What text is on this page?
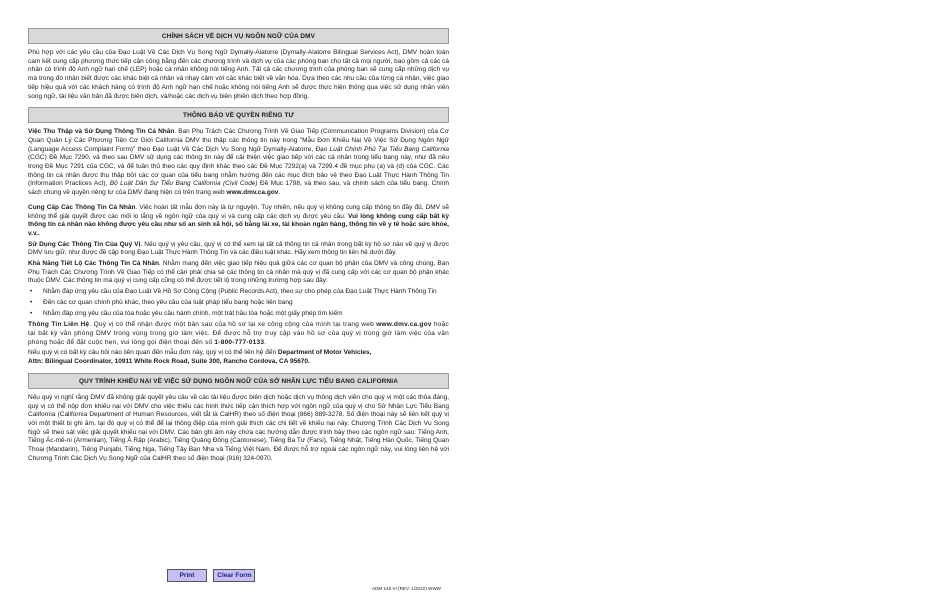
CHÍNH SÁCH VỀ DỊCH VỤ NGÔN NGỮ CỦA DMV

Phù hợp với các yêu cầu của Đạo Luật Về Các Dịch Vụ Song Ngữ Dymally-Alatorre (Dymally-Alatorre Bilingual Services Act), DMV hoàn toàn cam kết cung cấp phương thức tiếp cận công bằng đến các chương trình và dịch vụ của các phòng ban cho tất cả mọi người, bao gồm cả các cá nhân có trình độ Anh ngữ hạn chế (LEP) hoặc cá nhân không nói tiếng Anh. Tất cả các chương trình của phòng ban sẽ cung cấp những dịch vụ mà trong đó nhân biết được các khác biệt cá nhân và nhạy cảm với các khác biệt về văn hóa. Dựa theo các nhu cầu của từng cá nhân, việc giao tiếp hiệu quả với các khách hàng có trình độ Anh ngữ hạn chế hoặc không nói tiếng Anh sẽ được thực hiện thông qua việc sử dụng nhân viên song ngữ, tài liệu văn bản đã được biên dịch, và/hoặc các dịch vụ biên phiên dịch theo hợp đồng.

THÔNG BÁO VỀ QUYỀN RIÊNG TƯ

Việc Thu Thập và Sử Dụng Thông Tin Cá Nhân. Ban Phụ Trách Các Chương Trình Về Giao Tiếp (Communication Programs Division) của Cơ Quan Quản Lý Các Phương Tiện Cơ Giới California DMV thu thập các thông tin này trong "Mẫu Đơn Khiếu Nại Về Việc Sử Dụng Ngôn Ngữ (Language Access Complaint Form)" theo Đạo Luật Về Các Dịch Vụ Song Ngữ Dymally-Alatorre, Đạo Luật Chính Phủ Tại Tiểu Bang California (CGC) Đề Mục 7290, và theo sau DMV sử dụng các thông tin này để cải thiện việc giao tiếp với các cá nhân trong tiểu bang này, như đã nêu trong Đề Mục 7291 của CGC, và để tuân thủ theo các quy định khác theo các Đề Mục 7292(a) và 7299.4 đề mục phụ (a) và (d) của CGC. Các thông tin cá nhân được thu thập bởi các cơ quan của tiểu bang nhằm hướng đến các mục đích bảo vệ theo Đạo Luật Thực Hành Thông Tin (Information Practices Act), Bộ Luật Dân Sự Tiểu Bang California (Civil Code) Đề Mục 1798, và theo sau, và chính sách của tiểu bang. Chính sách chung về quyền riêng tư của DMV đang hiện có trên trang web www.dmv.ca.gov.

Cung Cấp Các Thông Tin Cá Nhân. Việc hoàn tất mẫu đơn này là tự nguyện. Tuy nhiên, nếu quý vị không cung cấp thông tin đầy đủ, DMV sẽ không thể giải quyết được các mối lo lắng về ngôn ngữ của quý vị và cung cấp các dịch vụ được yêu cầu. Vui lòng không cung cấp bất kỳ thông tin cá nhân nào không được yêu cầu như số an sinh xã hội, số bằng lái xe, tài khoản ngân hàng, thông tin về y tế hoặc sức khỏe, v.v..

Sử Dụng Các Thông Tin Của Quý Vị. Nếu quý vị yêu cầu, quý vị có thể xem lại tất cả thông tin cá nhân trong bất kỳ hồ sơ nào về quý vị được DMV lưu giữ, như được đề cập trong Đạo Luật Thực Hành Thông Tin và các điều luật khác. Hãy xem thông tin liên hệ dưới đây.

Khả Năng Tiết Lộ Các Thông Tin Cá Nhân. Nhằm mang đến việc giao tiếp hiệu quả giữa các cơ quan bộ phận của DMV và công chúng, Ban Phụ Trách Các Chương Trình Về Giao Tiếp có thể cần phải chia sẻ các thông tin cá nhân mà quý vị đã cung cấp với các cơ quan bộ phận khác thuộc DMV. Các thông tin mà quý vị cung cấp cũng có thể được tiết lộ trong những trường hợp sau đây:

• Nhằm đáp ứng yêu cầu của Đạo Luật Về Hồ Sơ Công Cộng (Public Records Act), theo sự cho phép của Đạo Luật Thực Hành Thông Tin
• Đến các cơ quan chính phủ khác, theo yêu cầu của luật pháp tiểu bang hoặc liên bang
• Nhằm đáp ứng yêu cầu của tòa hoặc yêu cầu hành chính, một trát hầu tòa hoặc một giấy phép tìm kiếm

Thông Tin Liên Hệ. Quý vị có thể nhận được một bản sao của hồ sơ lại xe công cộng của mình tại trang web www.dmv.ca.gov hoặc tại bất kỳ văn phòng DMV trong vùng trong giờ làm việc. Để được hỗ trợ truy cập vào hồ sơ của quý vị trong giờ làm việc của văn phòng hoặc để đặt cuộc hẹn, vui lòng gọi điện thoại đến số 1-800-777-0133.

Nếu quý vị có bất kỳ câu hỏi nào liên quan đến mẫu đơn này, quý vị có thể liên hệ đến Department of Motor Vehicles,
Attn: Bilingual Coordinator, 10911 White Rock Road, Suite 300, Rancho Cordova, CA 95670.

QUY TRÌNH KHIẾU NẠI VỀ VIỆC SỬ DỤNG NGÔN NGỮ CỦA SỞ NHÂN LỰC TIỂU BANG CALIFORNIA

Nếu quý vị nghĩ rằng DMV đã không giải quyết yêu cầu về các tài liệu được biên dịch hoặc dịch vụ thông dịch viên cho quý vị một các thỏa đáng, quý vị có thể nộp đơn khiếu nại với DMV cho việc thiếu các hình thức tiếp cận thích hợp với ngôn ngữ của quý vị cho Sở Nhân Lực Tiểu Bang California (California Department of Human Resources, viết tắt là CalHR) theo số điện thoại (866) 889-3278. Số điện thoại này sẽ liên kết quý vị với một thiết bị ghi âm, tại đó quý vị có thể để lại thông điệp của mình giải thích các chi tiết về khiếu nại này. Chương Trình Các Dịch Vụ Song Ngữ sẽ theo sát việc giải quyết khiếu nại với DMV. Các bản ghi âm này chứa các hướng dẫn được trình bày theo các ngôn ngữ sau: Tiếng Anh, Tiếng Ác-mê-ni (Armenian), Tiếng Ả Rập (Arabic), Tiếng Quảng Đông (Cantonese), Tiếng Ba Tư (Farsi), Tiếng Nhật, Tiếng Hàn Quốc, Tiếng Quan Thoại (Mandarin), Tiếng Punjabi, Tiếng Nga, Tiếng Tây Ban Nha và Tiếng Việt Nam. Để được hỗ trợ ngoài các ngôn ngữ này, vui lòng liên hệ với Chương Trình Các Dịch Vụ Song Ngữ của CalHR theo số điện thoại (916) 324-0970.

Print	Clear Form
ADM 148 VI (REV. 1/2022) WWW
